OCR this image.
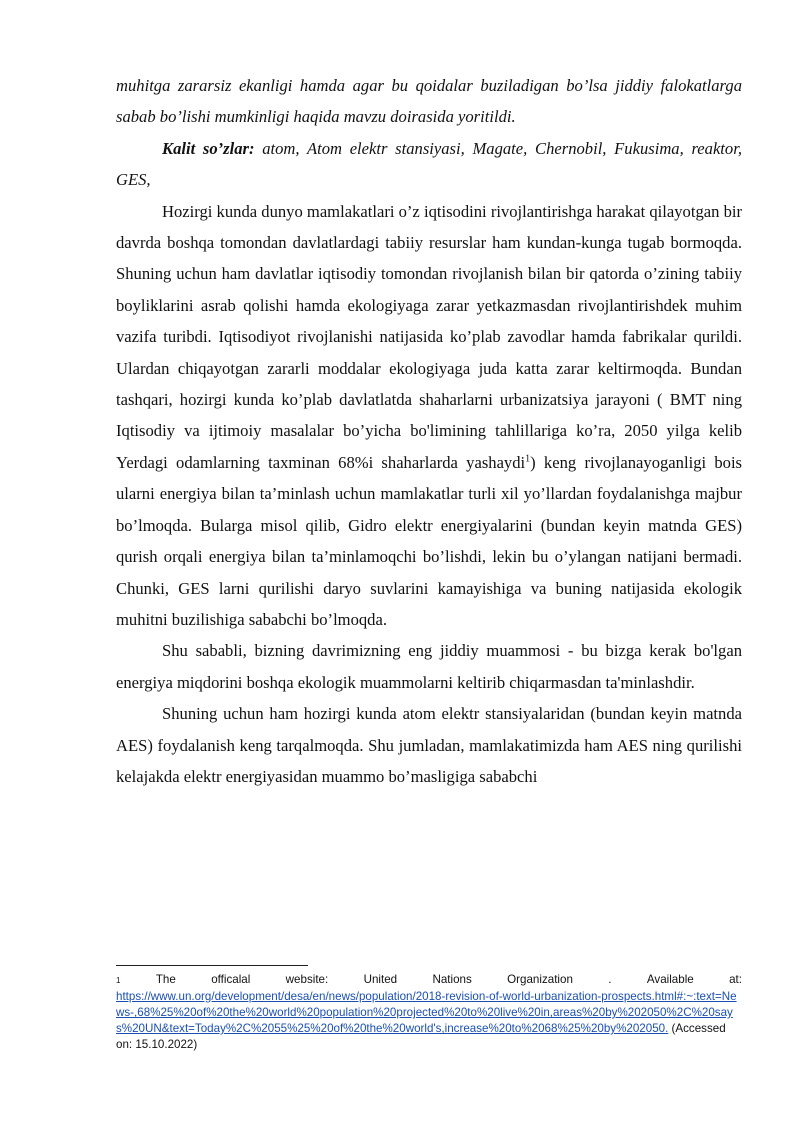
muhitga zararsiz ekanligi hamda agar bu qoidalar buziladigan bo’lsa jiddiy falokatlarga sabab bo’lishi mumkinligi haqida mavzu doirasida yoritildi.

Kalit so’zlar: atom, Atom elektr stansiyasi, Magate, Chernobil, Fukusima, reaktor, GES,

Hozirgi kunda dunyo mamlakatlari o’z iqtisodini rivojlantirishga harakat qilayotgan bir davrda boshqa tomondan davlatlardagi tabiiy resurslar ham kundan-kunga tugab bormoqda. Shuning uchun ham davlatlar iqtisodiy tomondan rivojlanish bilan bir qatorda o’zining tabiiy boyliklarini asrab qolishi hamda ekologiyaga zarar yetkazmasdan rivojlantirishdek muhim vazifa turibdi. Iqtisodiyot rivojlanishi natijasida ko’plab zavodlar hamda fabrikalar qurildi. Ulardan chiqayotgan zararli moddalar ekologiyaga juda katta zarar keltirmoqda. Bundan tashqari, hozirgi kunda ko’plab davlatlatda shaharlarni urbanizatsiya jarayoni ( BMT ning Iqtisodiy va ijtimoiy masalalar bo’yicha bo'limining tahlillariga ko’ra, 2050 yilga kelib Yerdagi odamlarning taxminan 68%i shaharlarda yashaydi$^1$) keng rivojlanayoganligi bois ularni energiya bilan ta’minlash uchun mamlakatlar turli xil yo’llardan foydalanishga majbur bo’lmoqda. Bularga misol qilib, Gidro elektr energiyalarini (bundan keyin matnda GES) qurish orqali energiya bilan ta’minlamoqchi bo’lishdi, lekin bu o’ylangan natijani bermadi. Chunki, GES larni qurilishi daryo suvlarini kamayishiga va buning natijasida ekologik muhitni buzilishiga sababchi bo’lmoqda.

Shu sababli, bizning davrimizning eng jiddiy muammosi - bu bizga kerak bo'lgan energiya miqdorini boshqa ekologik muammolarni keltirib chiqarmasdan ta'minlashdir.

Shuning uchun ham hozirgi kunda atom elektr stansiyalaridan (bundan keyin matnda AES) foydalanish keng tarqalmoqda. Shu jumladan, mamlakatimizda ham AES ning qurilishi kelajakda elektr energiyasidan muammo bo’masligiga sababchi

1	The	officalal	website:	United	Nations	Organization	.	Available	at:
https://www.un.org/development/desa/en/news/population/2018-revision-of-world-urbanization-prospects.html#:~:text=News-,68%25%20of%20the%20world%20population%20projected%20to%20live%20in,areas%20by%202050%2C%20says%20UN&text=Today%2C%2055%25%20of%20the%20world's,increase%20to%2068%25%20by%202050. (Accessed on: 15.10.2022)
